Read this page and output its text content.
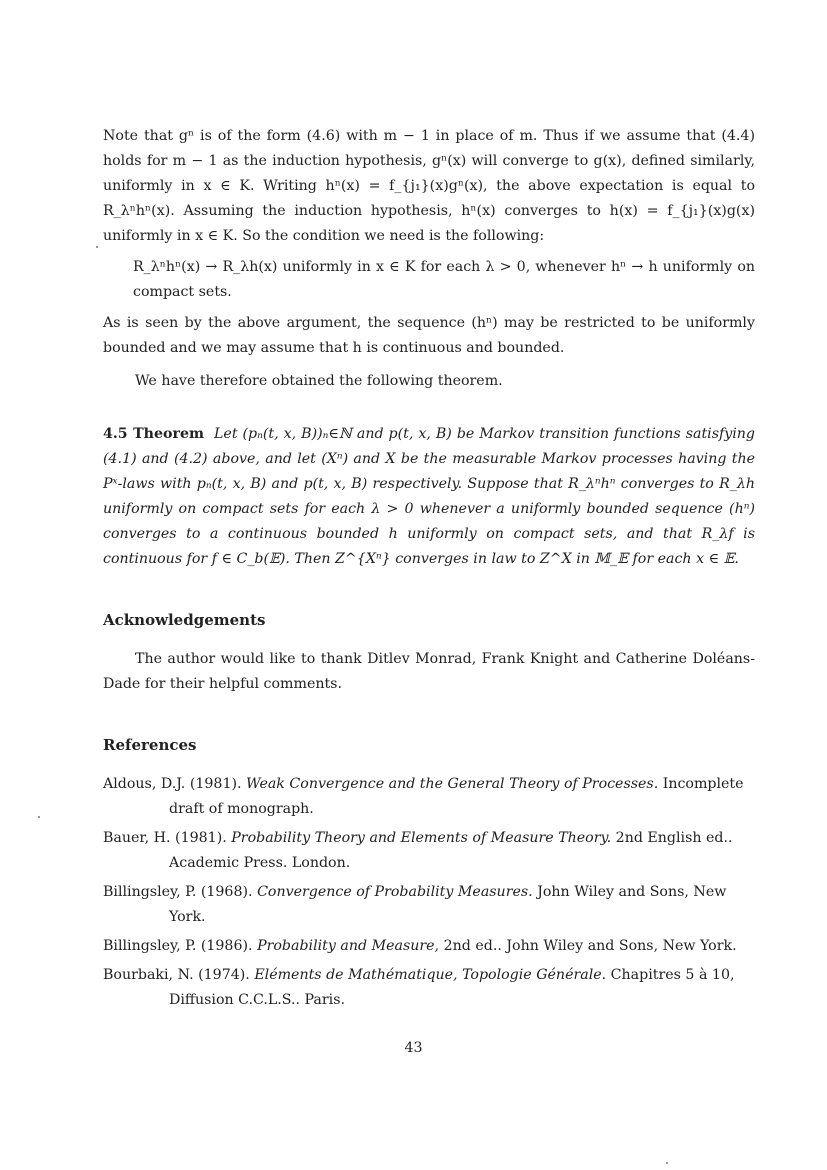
Note that gⁿ is of the form (4.6) with m − 1 in place of m. Thus if we assume that (4.4) holds for m − 1 as the induction hypothesis, gⁿ(x) will converge to g(x), defined similarly, uniformly in x ∈ K. Writing hⁿ(x) = f_{j₁}(x)gⁿ(x), the above expectation is equal to R_λⁿhⁿ(x). Assuming the induction hypothesis, hⁿ(x) converges to h(x) = f_{j₁}(x)g(x) uniformly in x ∈ K. So the condition we need is the following:

R_λⁿhⁿ(x) → R_λh(x) uniformly in x ∈ K for each λ > 0, whenever hⁿ → h uniformly on compact sets.

As is seen by the above argument, the sequence (hⁿ) may be restricted to be uniformly bounded and we may assume that h is continuous and bounded.

We have therefore obtained the following theorem.

4.5 Theorem Let (pₙ(t, x, B))ₙ∈ℕ and p(t, x, B) be Markov transition functions satisfying (4.1) and (4.2) above, and let (Xⁿ) and X be the measurable Markov processes having the Pˣ-laws with pₙ(t, x, B) and p(t, x, B) respectively. Suppose that R_λⁿhⁿ converges to R_λh uniformly on compact sets for each λ > 0 whenever a uniformly bounded sequence (hⁿ) converges to a continuous bounded h uniformly on compact sets, and that R_λf is continuous for f ∈ C_b(𝔼). Then Z^{Xⁿ} converges in law to Z^X in 𝕄_𝔼 for each x ∈ 𝔼.

Acknowledgements

The author would like to thank Ditlev Monrad, Frank Knight and Catherine Doléans-Dade for their helpful comments.

References

Aldous, D.J. (1981). Weak Convergence and the General Theory of Processes. Incomplete draft of monograph.

Bauer, H. (1981). Probability Theory and Elements of Measure Theory. 2nd English ed.. Academic Press. London.

Billingsley, P. (1968). Convergence of Probability Measures. John Wiley and Sons, New York.

Billingsley, P. (1986). Probability and Measure, 2nd ed.. John Wiley and Sons, New York.

Bourbaki, N. (1974). Eléments de Mathématique, Topologie Générale. Chapitres 5 à 10, Diffusion C.C.L.S.. Paris.

43
